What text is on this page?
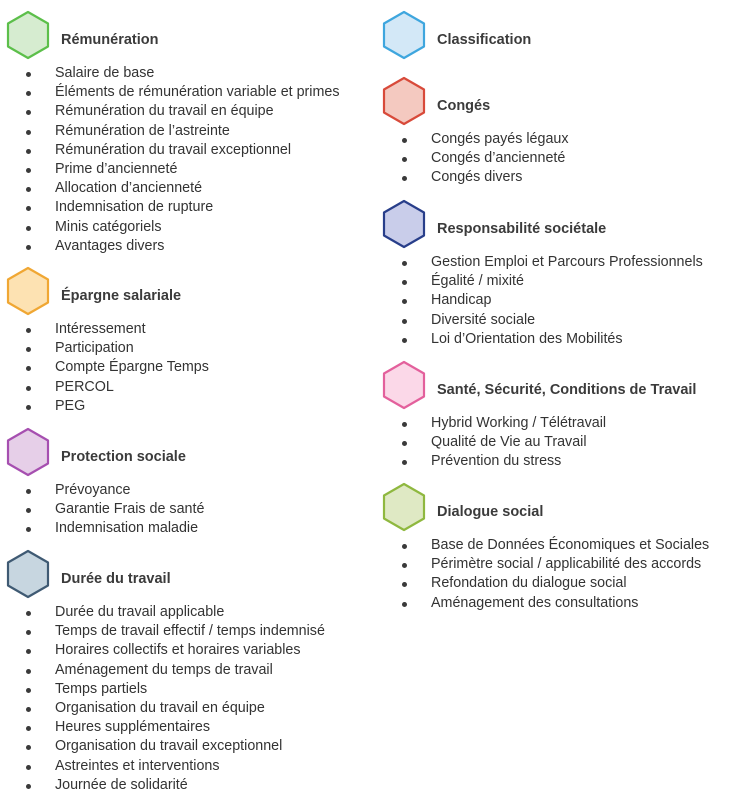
Rémunération
Salaire de base
Éléments de rémunération variable et primes
Rémunération du travail en équipe
Rémunération de l’astreinte
Rémunération du travail exceptionnel
Prime d’ancienneté
Allocation d’ancienneté
Indemnisation de rupture
Minis catégoriels
Avantages divers
Épargne salariale
Intéressement
Participation
Compte Épargne Temps
PERCOL
PEG
Protection sociale
Prévoyance
Garantie Frais de santé
Indemnisation maladie
Durée du travail
Durée du travail applicable
Temps de travail effectif / temps indemnisé
Horaires collectifs et horaires variables
Aménagement du temps de travail
Temps partiels
Organisation du travail en équipe
Heures supplémentaires
Organisation du travail exceptionnel
Astreintes et interventions
Journée de solidarité
Classification
Congés
Congés payés légaux
Congés d’ancienneté
Congés divers
Responsabilité sociétale
Gestion Emploi et Parcours Professionnels
Égalité / mixité
Handicap
Diversité sociale
Loi d’Orientation des Mobilités
Santé, Sécurité, Conditions de Travail
Hybrid Working / Télétravail
Qualité de Vie au Travail
Prévention du stress
Dialogue social
Base de Données Économiques et Sociales
Périmètre social / applicabilité des accords
Refondation du dialogue social
Aménagement des consultations
